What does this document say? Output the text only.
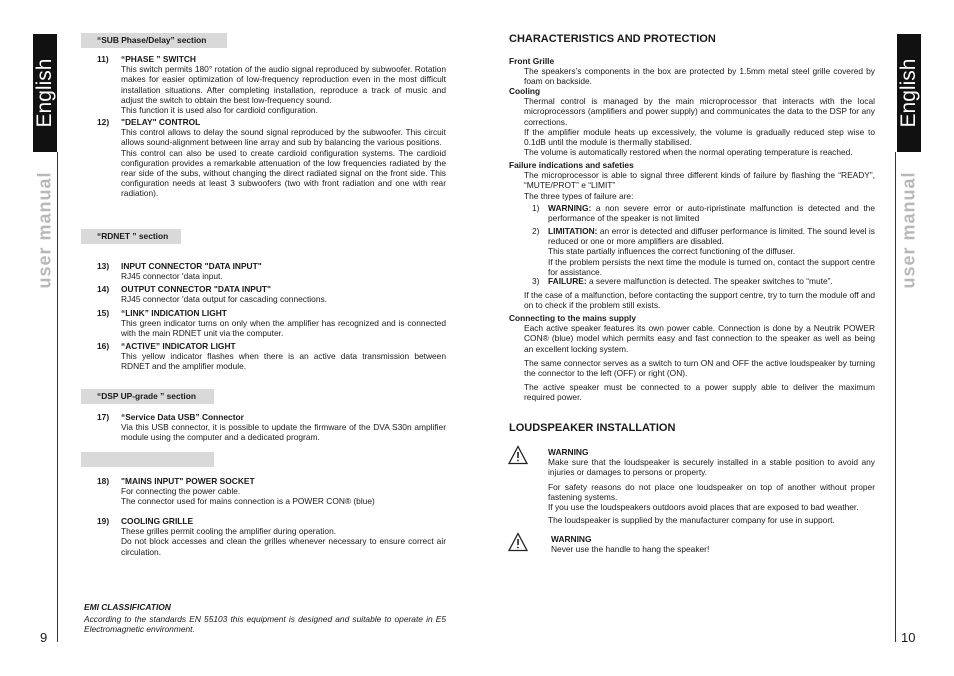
English
user manual
9
“SUB Phase/Delay” section
“RDNET ” section
“DSP UP-grade ” section
11) “PHASE ” SWITCH

This switch permits 180° rotation of the audio signal reproduced by subwoofer. Rotation makes for easier optimization of low-frequency reproduction even in the most difficult installation situations. After completing installation, reproduce a track of music and adjust the switch to obtain the best low-frequency sound.

This function it is used also for cardioid configuration.

12) "DELAY" CONTROL

This control allows to delay the sound signal reproduced by the subwoofer. This circuit allows sound-alignment between line array and sub by balancing the various positions.

This control can also be used to create cardioid configuration systems. The cardioid configuration provides a remarkable attenuation of the low frequencies radiated by the rear side of the subs, without changing the direct radiated signal on the front side. This configuration needs at least 3 subwoofers (two with front radiation and one with rear radiation).

13) INPUT CONNECTOR "DATA INPUT"

RJ45 connector 'data input.

14) OUTPUT CONNECTOR "DATA INPUT"

RJ45 connector 'data output for cascading connections.

15) “LINK” INDICATION LIGHT

This green indicator turns on only when the amplifier has recognized and is connected with the main RDNET unit via the computer.

16) “ACTIVE” INDICATOR LIGHT

This yellow indicator flashes when there is an active data transmission between RDNET and the amplifier module.

17) “Service Data USB” Connector

Via this USB connector, it is possible to update the firmware of the DVA S30n amplifier module using the computer and a dedicated program.

18) "MAINS INPUT" POWER SOCKET

For connecting the power cable.

The connector used for mains connection is a POWER CON® (blue)

19) COOLING GRILLE

These grilles permit cooling the amplifier during operation.

Do not block accesses and clean the grilles whenever necessary to ensure correct air circulation.

EMI CLASSIFICATION
According to the standards EN 55103 this equipment is designed and suitable to operate in E5 Electromagnetic environment.
English
user manual
10
CHARACTERISTICS AND PROTECTION
Front Grille

The speakers’s components in the box are protected by 1.5mm metal steel grille covered by foam on backside.

Cooling

Thermal control is managed by the main microprocessor that interacts with the local microprocessors (amplifiers and power supply) and communicates the data to the DSP for any corrections.

If the amplifier module heats up excessively, the volume is gradually reduced step wise to 0.1dB until the module is thermally stabilised.

The volume is automatically restored when the normal operating temperature is reached.

Failure indications and safeties

The microprocessor is able to signal three different kinds of failure by flashing the “READY”, “MUTE/PROT” e “LIMIT”

The three types of failure are:

1)	WARNING: a non severe error or auto-ripristinate malfunction is detected and the performance of the speaker is not limited

2)	LIMITATION: an error is detected and diffuser performance is limited. The sound level is reduced or one or more amplifiers are disabled.

This state partially influences the correct functioning of the diffuser.

If the problem persists the next time the module is turned on, contact the support centre for assistance.

3)	FAILURE: a severe malfunction is detected. The speaker switches to “mute”.

If the case of a malfunction, before contacting the support centre, try to turn the module off and on to check if the problem still exists.

Connecting to the mains supply

Each active speaker features its own power cable. Connection is done by a Neutrik POWER CON® (blue) model which permits easy and fast connection to the speaker as well as being an excellent locking system.

The same connector serves as a switch to turn ON and OFF the active loudspeaker by turning the connector to the left (OFF) or right (ON).

The active speaker must be connected to a power supply able to deliver the maximum required power.

LOUDSPEAKER INSTALLATION
WARNING

Make sure that the loudspeaker is securely installed in a stable position to avoid any injuries or damages to persons or property.

For safety reasons do not place one loudspeaker on top of another without proper fastening systems.

If you use the loudspeakers outdoors avoid places that are exposed to bad weather.

The loudspeaker is supplied by the manufacturer company for use in support.

WARNING

Never use the handle to hang the speaker!
